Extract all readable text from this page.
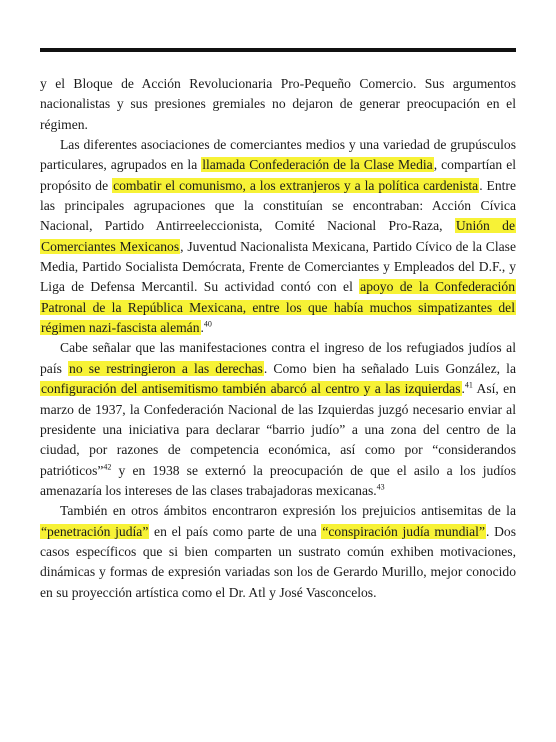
y el Bloque de Acción Revolucionaria Pro-Pequeño Comercio. Sus argumentos nacionalistas y sus presiones gremiales no dejaron de generar preocupación en el régimen.

Las diferentes asociaciones de comerciantes medios y una variedad de grupúsculos particulares, agrupados en la llamada Confederación de la Clase Media, compartían el propósito de combatir el comunismo, a los extranjeros y a la política cardenista. Entre las principales agrupaciones que la constituían se encontraban: Acción Cívica Nacional, Partido Antirreeleccionista, Comité Nacional Pro-Raza, Unión de Comerciantes Mexicanos, Juventud Nacionalista Mexicana, Partido Cívico de la Clase Media, Partido Socialista Demócrata, Frente de Comerciantes y Empleados del D.F., y Liga de Defensa Mercantil. Su actividad contó con el apoyo de la Confederación Patronal de la República Mexicana, entre los que había muchos simpatizantes del régimen nazi-fascista alemán.$^{40}$

Cabe señalar que las manifestaciones contra el ingreso de los refugiados judíos al país no se restringieron a las derechas. Como bien ha señalado Luis González, la configuración del antisemitismo también abarcó al centro y a las izquierdas.$^{41}$ Así, en marzo de 1937, la Confederación Nacional de las Izquierdas juzgó necesario enviar al presidente una iniciativa para declarar “barrio judío” a una zona del centro de la ciudad, por razones de competencia económica, así como por “considerandos patrióticos”$^{42}$ y en 1938 se externó la preocupación de que el asilo a los judíos amenazaría los intereses de las clases trabajadoras mexicanas.$^{43}$

También en otros ámbitos encontraron expresión los prejuicios antisemitas de la “penetración judía” en el país como parte de una “conspiración judía mundial”. Dos casos específicos que si bien comparten un sustrato común exhiben motivaciones, dinámicas y formas de expresión variadas son los de Gerardo Murillo, mejor conocido en su proyección artística como el Dr. Atl y José Vasconcelos.
